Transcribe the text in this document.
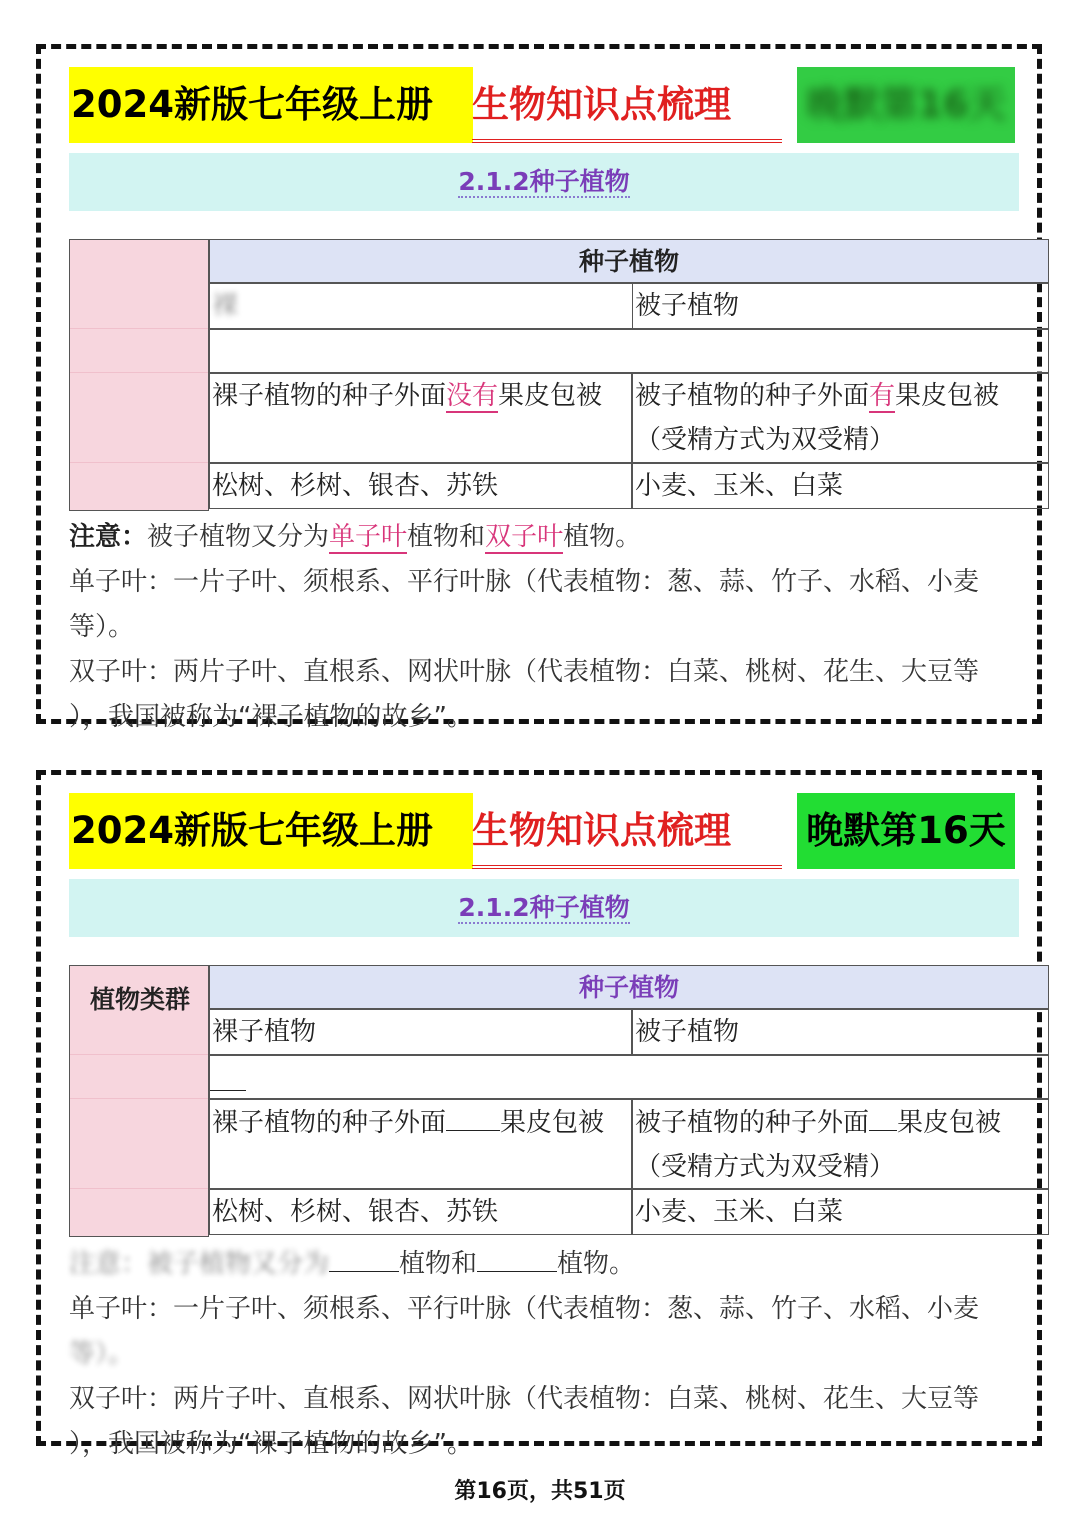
2024新版七年级上册	生物知识点梳理	晚默第16天
2.1.2种子植物
种子植物
裸	被子植物
裸子植物的种子外面没有果皮包被	被子植物的种子外面有果皮包被
（受精方式为双受精）
松树、杉树、银杏、苏铁	小麦、玉米、白菜

注意：被子植物又分为单子叶植物和双子叶植物。

单子叶：一片子叶、须根系、平行叶脉（代表植物：葱、蒜、竹子、水稻、小麦

等）。

双子叶：两片子叶、直根系、网状叶脉（代表植物：白菜、桃树、花生、大豆等

），我国被称为“裸子植物的故乡”。

2024新版七年级上册	生物知识点梳理	晚默第16天
2.1.2种子植物
植物类群	种子植物
裸子植物	被子植物
裸子植物的种子外面 果皮包被	被子植物的种子外面 果皮包被
（受精方式为双受精）
松树、杉树、银杏、苏铁	小麦、玉米、白菜

注意：被子植物又分为	植物和	植物。

单子叶：一片子叶、须根系、平行叶脉（代表植物：葱、蒜、竹子、水稻、小麦

等）。

双子叶：两片子叶、直根系、网状叶脉（代表植物：白菜、桃树、花生、大豆等

），我国被称为“裸子植物的故乡”。

第16页，共51页
